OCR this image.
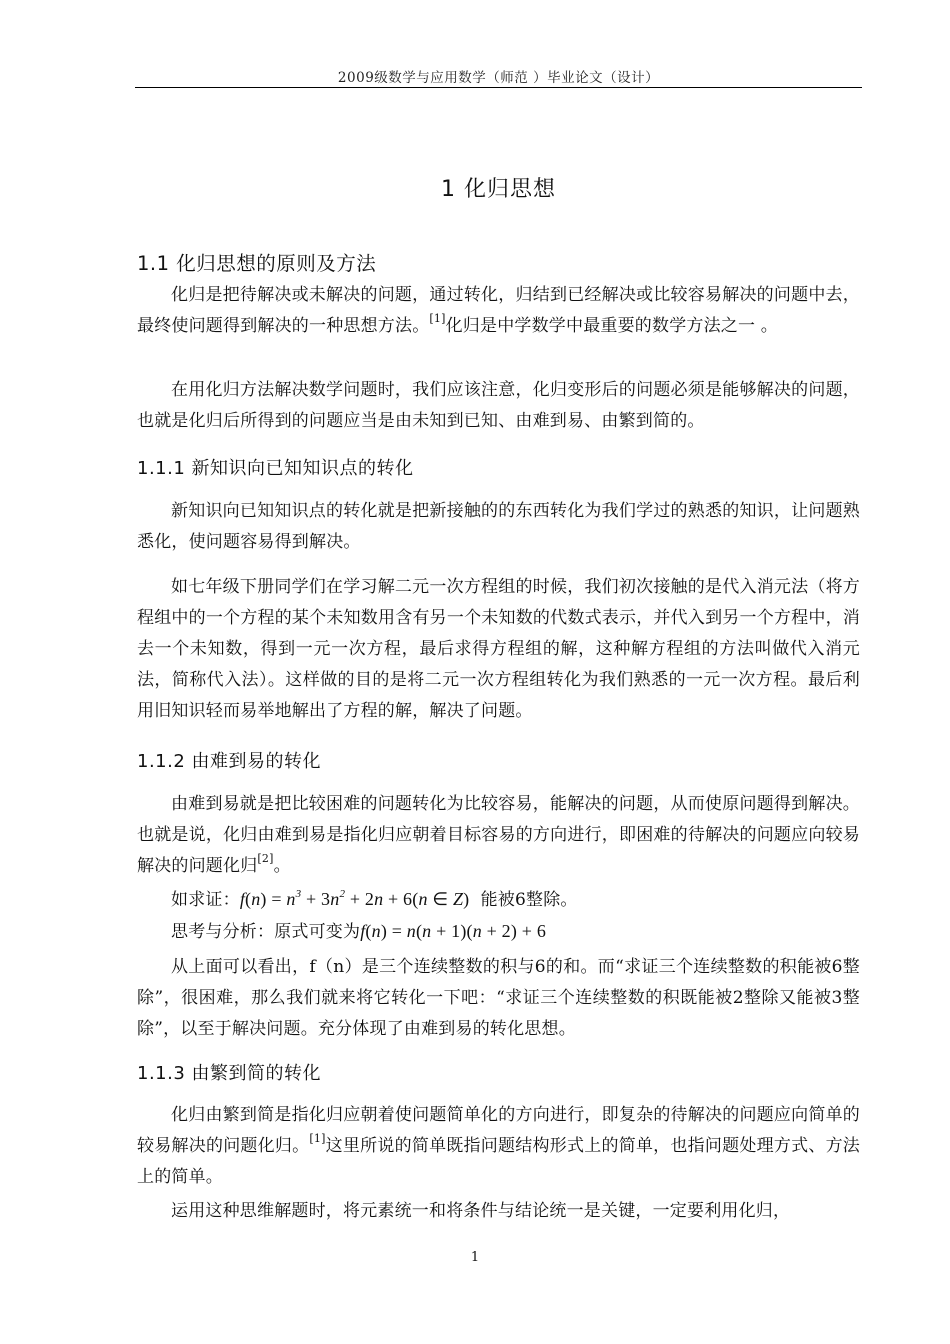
2009级数学与应用数学（师范 ）毕业论文（设计）
1 化归思想
1.1 化归思想的原则及方法

化归是把待解决或未解决的问题，通过转化，归结到已经解决或比较容易解决的问题中去，最终使问题得到解决的一种思想方法。[1]化归是中学数学中最重要的数学方法之一 。

在用化归方法解决数学问题时，我们应该注意，化归变形后的问题必须是能够解决的问题，也就是化归后所得到的问题应当是由未知到已知、由难到易、由繁到简的。

1.1.1 新知识向已知知识点的转化

新知识向已知知识点的转化就是把新接触的的东西转化为我们学过的熟悉的知识，让问题熟悉化，使问题容易得到解决。

如七年级下册同学们在学习解二元一次方程组的时候，我们初次接触的是代入消元法（将方程组中的一个方程的某个未知数用含有另一个未知数的代数式表示，并代入到另一个方程中，消去一个未知数，得到一元一次方程，最后求得方程组的解，这种解方程组的方法叫做代入消元法，简称代入法）。这样做的目的是将二元一次方程组转化为我们熟悉的一元一次方程。最后利用旧知识轻而易举地解出了方程的解，解决了问题。

1.1.2 由难到易的转化

由难到易就是把比较困难的问题转化为比较容易，能解决的问题，从而使原问题得到解决。也就是说，化归由难到易是指化归应朝着目标容易的方向进行，即困难的待解决的问题应向较易解决的问题化归[2]。

如求证：$f(n) = n^3 + 3n^2 + 2n + 6(n$ ∈ Z) 能被6整除。

思考与分析：原式可变为f(n) = n(n + 1)(n + 2) + 6

从上面可以看出，f（n）是三个连续整数的积与6的和。而“求证三个连续整数的积能被6整除”，很困难，那么我们就来将它转化一下吧：“求证三个连续整数的积既能被2整除又能被3整除”，以至于解决问题。充分体现了由难到易的转化思想。

1.1.3 由繁到简的转化

化归由繁到简是指化归应朝着使问题简单化的方向进行，即复杂的待解决的问题应向简单的较易解决的问题化归。[1]这里所说的简单既指问题结构形式上的简单，也指问题处理方式、方法上的简单。

运用这种思维解题时，将元素统一和将条件与结论统一是关键，一定要利用化归，

1
